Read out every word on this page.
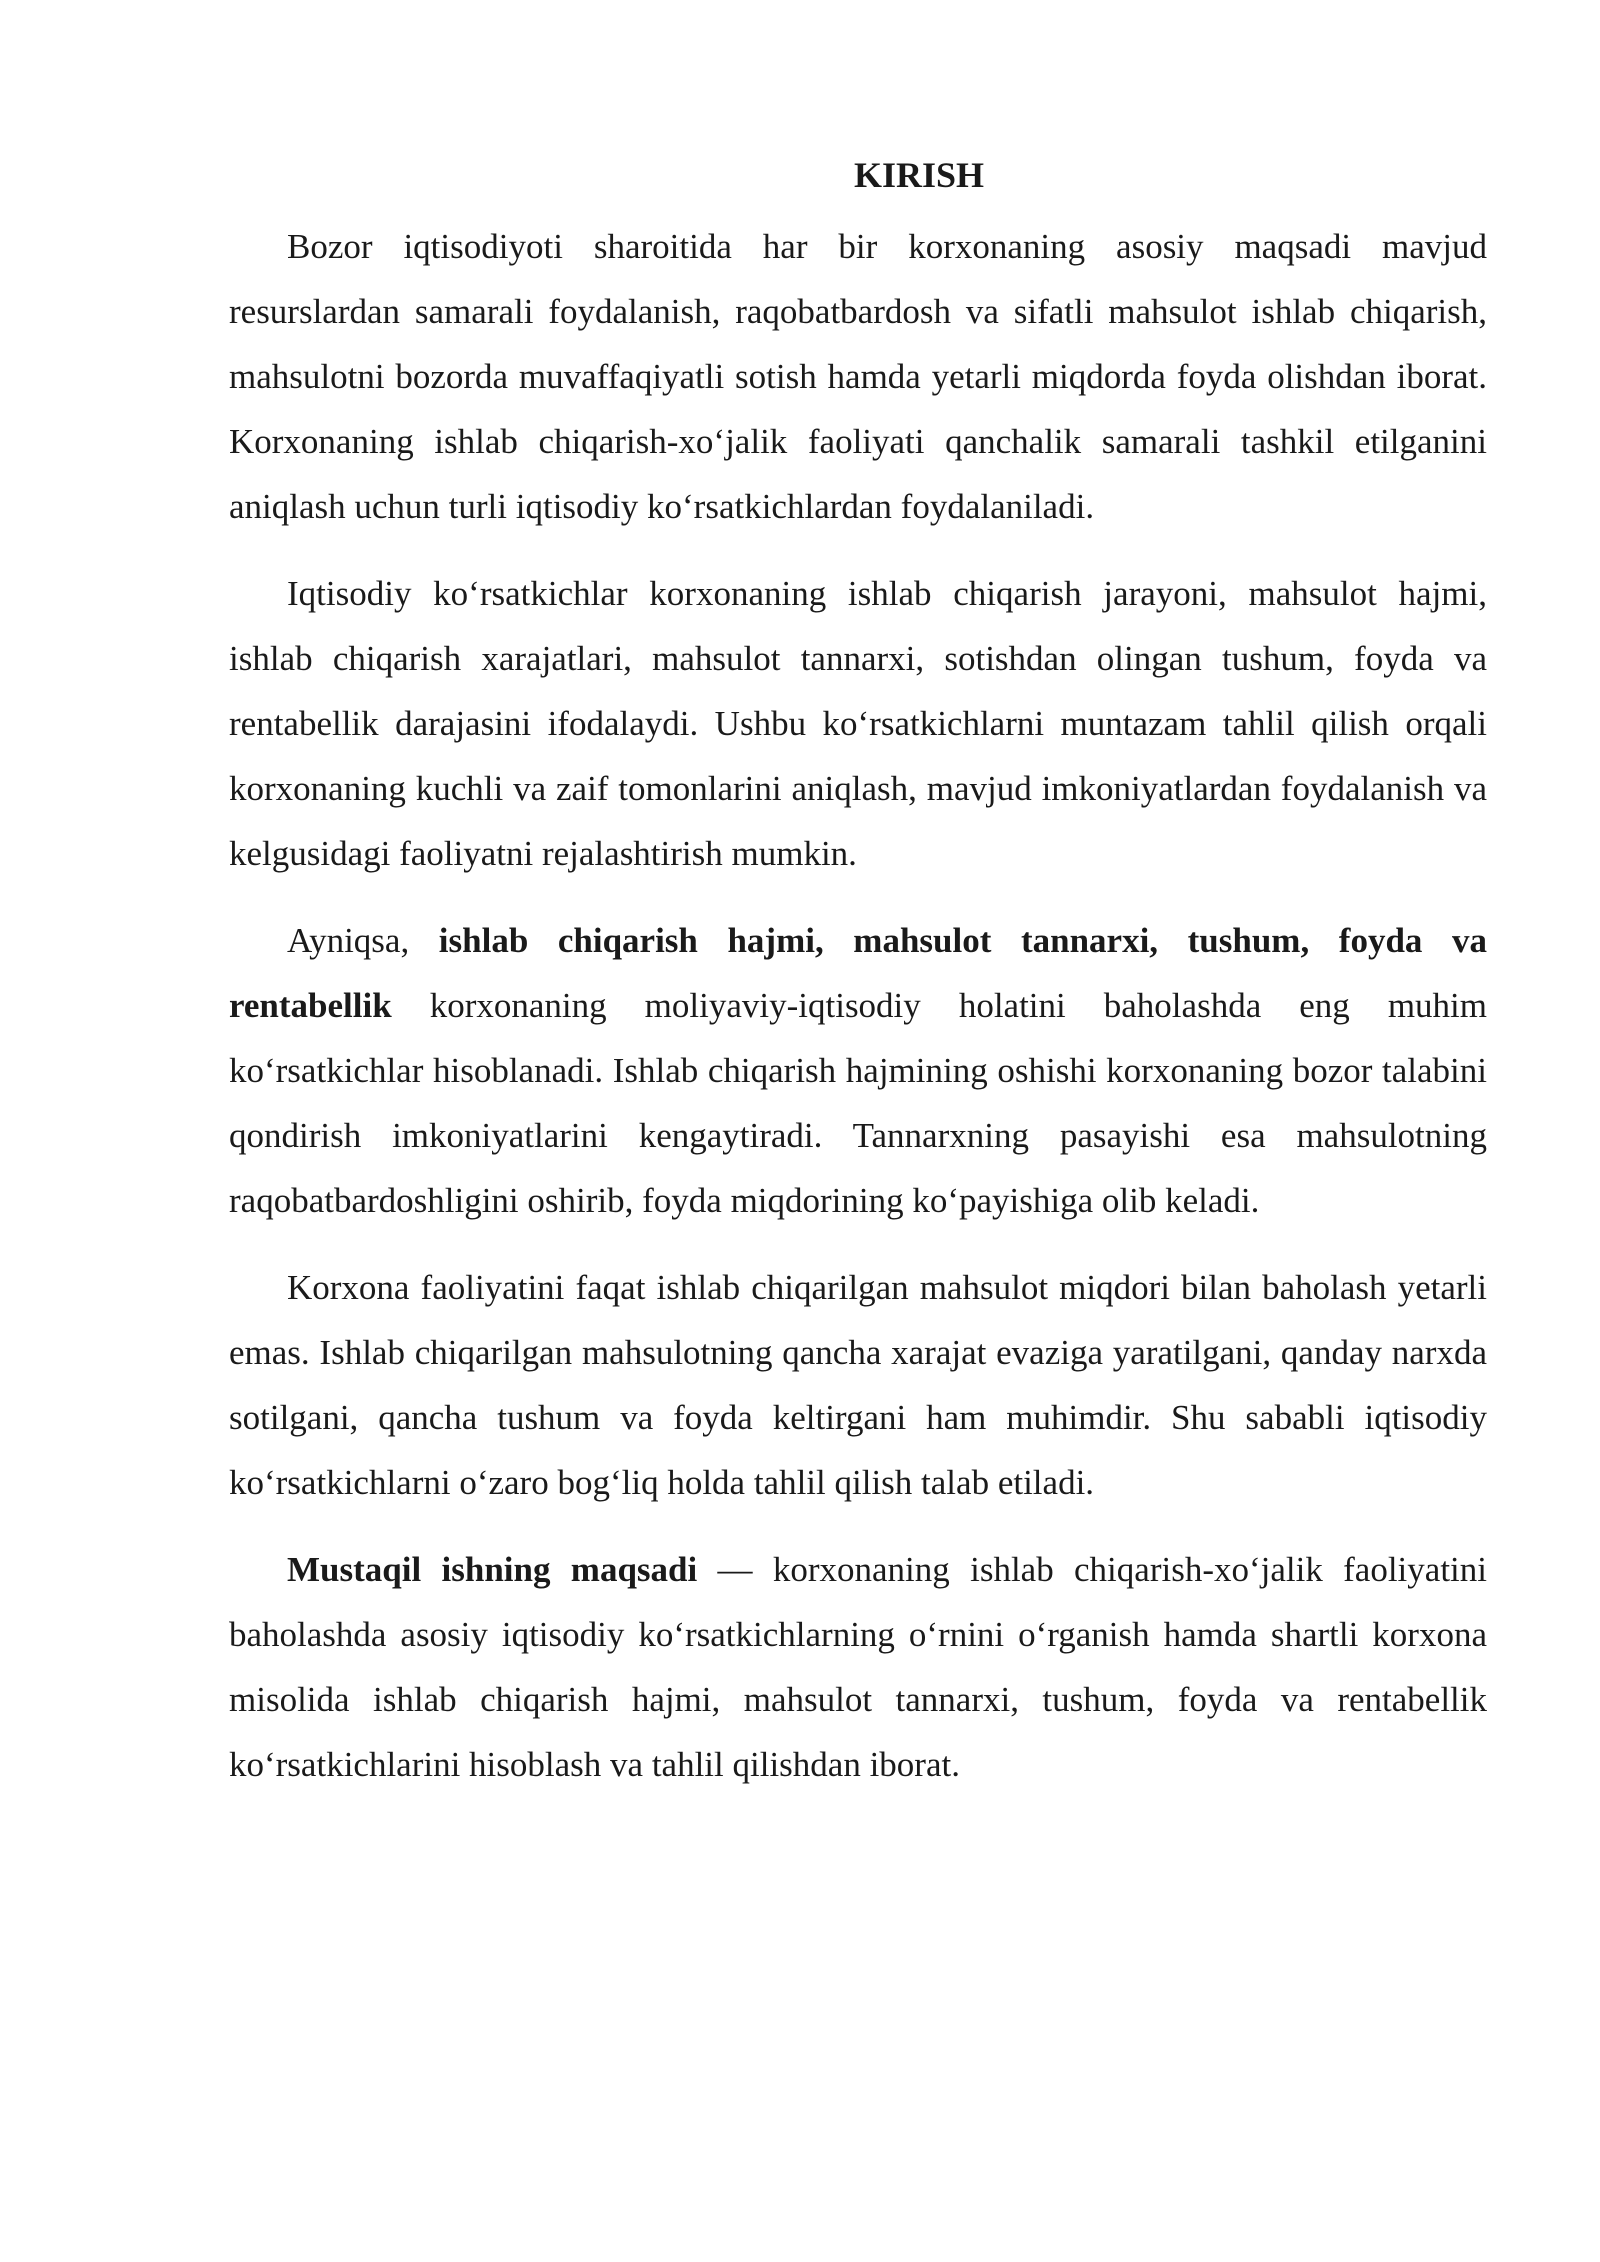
KIRISH

Bozor iqtisodiyoti sharoitida har bir korxonaning asosiy maqsadi mavjud resurslardan samarali foydalanish, raqobatbardosh va sifatli mahsulot ishlab chiqarish, mahsulotni bozorda muvaffaqiyatli sotish hamda yetarli miqdorda foyda olishdan iborat. Korxonaning ishlab chiqarish-xo‘jalik faoliyati qanchalik samarali tashkil etilganini aniqlash uchun turli iqtisodiy ko‘rsatkichlardan foydalaniladi.

Iqtisodiy ko‘rsatkichlar korxonaning ishlab chiqarish jarayoni, mahsulot hajmi, ishlab chiqarish xarajatlari, mahsulot tannarxi, sotishdan olingan tushum, foyda va rentabellik darajasini ifodalaydi. Ushbu ko‘rsatkichlarni muntazam tahlil qilish orqali korxonaning kuchli va zaif tomonlarini aniqlash, mavjud imkoniyatlardan foydalanish va kelgusidagi faoliyatni rejalashtirish mumkin.

Ayniqsa, ishlab chiqarish hajmi, mahsulot tannarxi, tushum, foyda va rentabellik korxonaning moliyaviy-iqtisodiy holatini baholashda eng muhim ko‘rsatkichlar hisoblanadi. Ishlab chiqarish hajmining oshishi korxonaning bozor talabini qondirish imkoniyatlarini kengaytiradi. Tannarxning pasayishi esa mahsulotning raqobatbardoshligini oshirib, foyda miqdorining ko‘payishiga olib keladi.

Korxona faoliyatini faqat ishlab chiqarilgan mahsulot miqdori bilan baholash yetarli emas. Ishlab chiqarilgan mahsulotning qancha xarajat evaziga yaratilgani, qanday narxda sotilgani, qancha tushum va foyda keltirgani ham muhimdir. Shu sababli iqtisodiy ko‘rsatkichlarni o‘zaro bog‘liq holda tahlil qilish talab etiladi.

Mustaqil ishning maqsadi — korxonaning ishlab chiqarish-xo‘jalik faoliyatini baholashda asosiy iqtisodiy ko‘rsatkichlarning o‘rnini o‘rganish hamda shartli korxona misolida ishlab chiqarish hajmi, mahsulot tannarxi, tushum, foyda va rentabellik ko‘rsatkichlarini hisoblash va tahlil qilishdan iborat.
